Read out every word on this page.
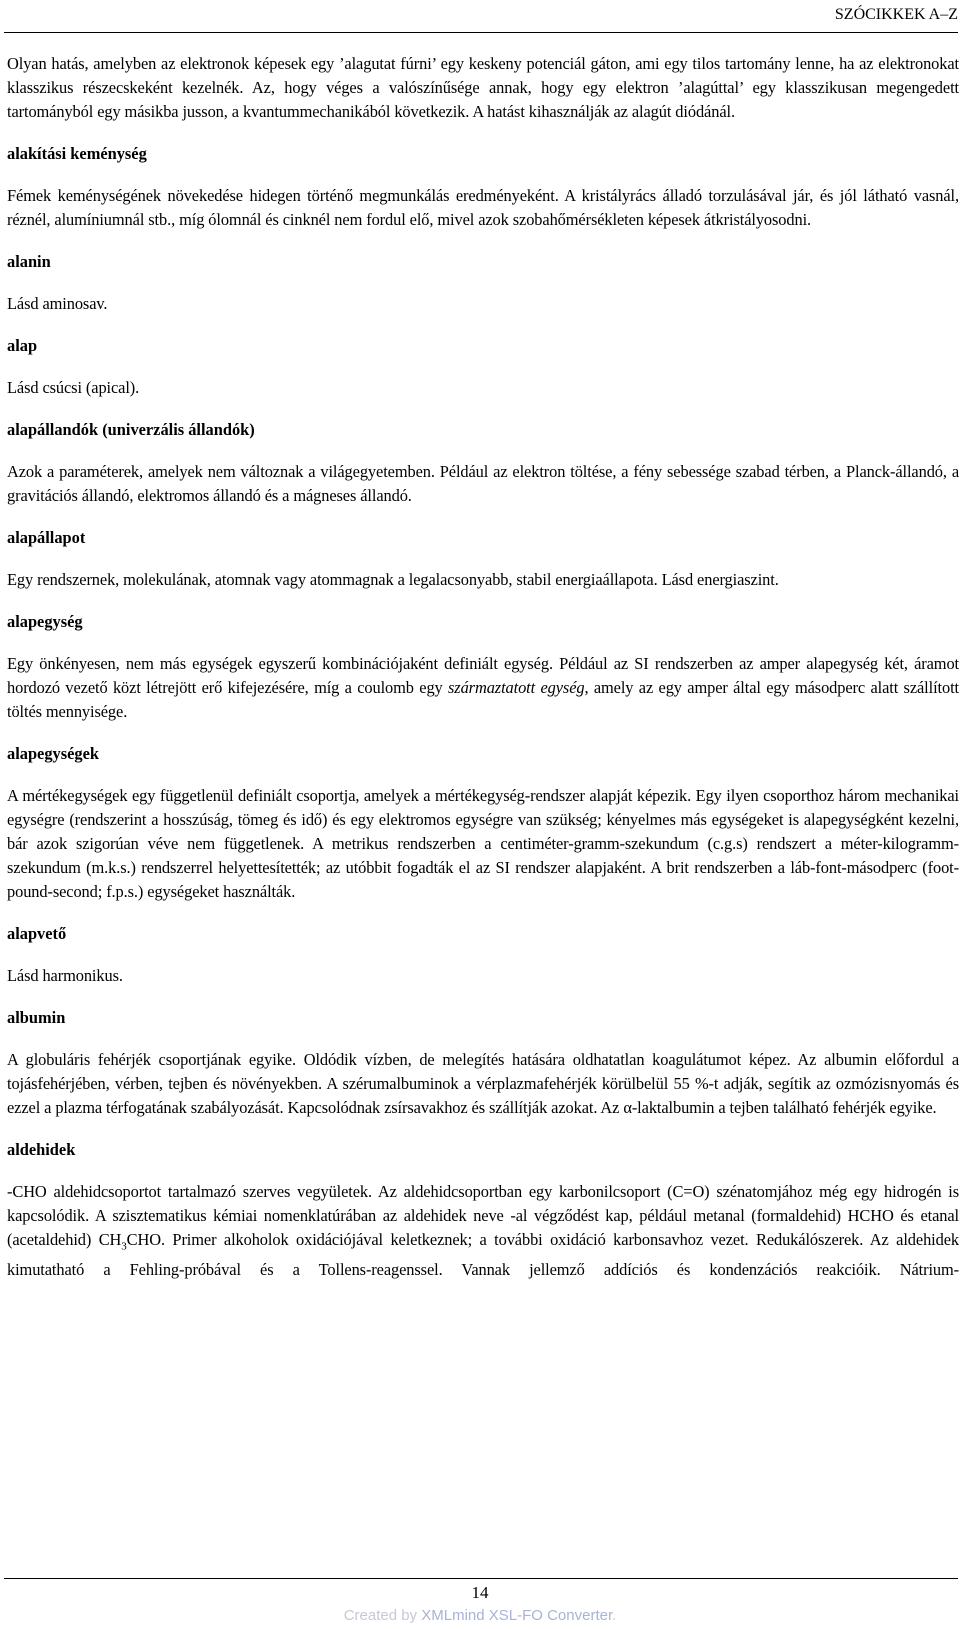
SZÓCIKKEK A–Z

Olyan hatás, amelyben az elektronok képesek egy ’alagutat fúrni’ egy keskeny potenciál gáton, ami egy tilos tartomány lenne, ha az elektronokat klasszikus részecskeként kezelnék. Az, hogy véges a valószínűsége annak, hogy egy elektron ’alagúttal’ egy klasszikusan megengedett tartományból egy másikba jusson, a kvantummechanikából következik. A hatást kihasználják az alagút diódánál.

alakítási keménység

Fémek keménységének növekedése hidegen történő megmunkálás eredményeként. A kristályrács álladó torzulásával jár, és jól látható vasnál, réznél, alumíniumnál stb., míg ólomnál és cinknél nem fordul elő, mivel azok szobahőmérsékleten képesek átkristályosodni.

alanin

Lásd aminosav.

alap

Lásd csúcsi (apical).

alapállandók (univerzális állandók)

Azok a paraméterek, amelyek nem változnak a világegyetemben. Például az elektron töltése, a fény sebessége szabad térben, a Planck-állandó, a gravitációs állandó, elektromos állandó és a mágneses állandó.

alapállapot

Egy rendszernek, molekulának, atomnak vagy atommagnak a legalacsonyabb, stabil energiaállapota. Lásd energiaszint.

alapegység

Egy önkényesen, nem más egységek egyszerű kombinációjaként definiált egység. Például az SI rendszerben az amper alapegység két, áramot hordozó vezető közt létrejött erő kifejezésére, míg a coulomb egy származtatott egység, amely az egy amper által egy másodperc alatt szállított töltés mennyisége.

alapegységek

A mértékegységek egy függetlenül definiált csoportja, amelyek a mértékegység-rendszer alapját képezik. Egy ilyen csoporthoz három mechanikai egységre (rendszerint a hosszúság, tömeg és idő) és egy elektromos egységre van szükség; kényelmes más egységeket is alapegységként kezelni, bár azok szigorúan véve nem függetlenek. A metrikus rendszerben a centiméter-gramm-szekundum (c.g.s) rendszert a méter-kilogramm-szekundum (m.k.s.) rendszerrel helyettesítették; az utóbbit fogadták el az SI rendszer alapjaként. A brit rendszerben a láb-font-másodperc (foot-pound-second; f.p.s.) egységeket használták.

alapvető

Lásd harmonikus.

albumin

A globuláris fehérjék csoportjának egyike. Oldódik vízben, de melegítés hatására oldhatatlan koagulátumot képez. Az albumin előfordul a tojásfehérjében, vérben, tejben és növényekben. A szérumalbuminok a vérplazmafehérjék körülbelül 55 %-t adják, segítik az ozmózisnyomás és ezzel a plazma térfogatának szabályozását. Kapcsolódnak zsírsavakhoz és szállítják azokat. Az α-laktalbumin a tejben található fehérjék egyike.

aldehidek

-CHO aldehidcsoportot tartalmazó szerves vegyületek. Az aldehidcsoportban egy karbonilcsoport (C=O) szénatomjához még egy hidrogén is kapcsolódik. A szisztematikus kémiai nomenklatúrában az aldehidek neve -al végződést kap, például metanal (formaldehid) HCHO és etanal (acetaldehid) $CH_3CHO$. Primer alkoholok oxidációjával keletkeznek; a további oxidáció karbonsavhoz vezet. Redukálószerek. Az aldehidek kimutatható a Fehling-próbával és a Tollens-reagenssel. Vannak jellemző addíciós és kondenzációs reakcióik. Nátrium-

14
Created by XMLmind XSL-FO Converter.
